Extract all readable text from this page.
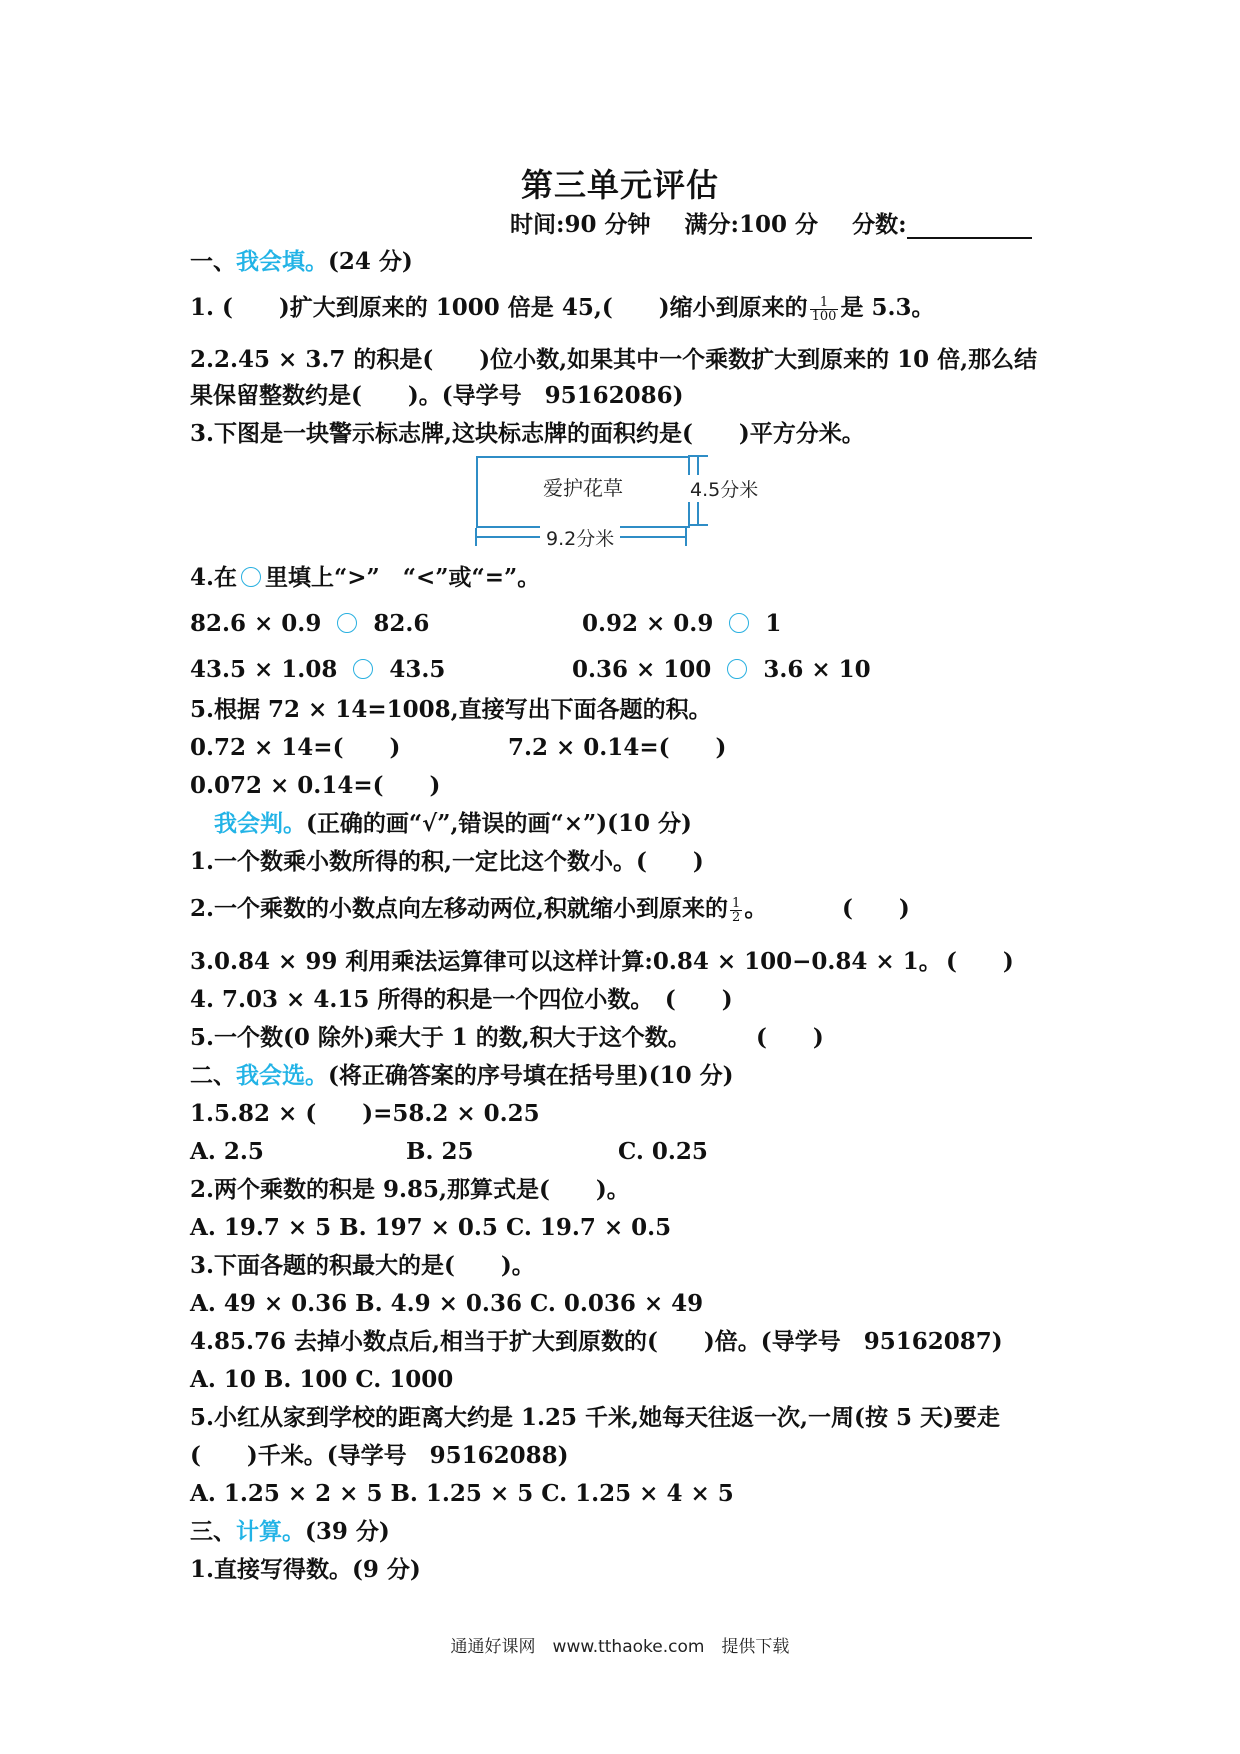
第三单元评估
时间:90 分钟 满分:100 分 分数:
一、我会填。(24 分)
1. (　　)扩大到原来的 1000 倍是 45,(　　)缩小到原来的 $\frac{1}{100}$ 是 5.3。
2.2.45 × 3.7 的积是(　　)位小数,如果其中一个乘数扩大到原来的 10 倍,那么结
果保留整数约是(　　)。(导学号　95162086)
3.下图是一块警示标志牌,这块标志牌的面积约是(　　)平方分米。
爱护花草	4.5分米
9.2分米
4.在 里填上“>”　“<”或“=”。
82.6 × 0.9 82.6	0.92 × 0.9 1
43.5 × 1.08 43.5	0.36 × 100 3.6 × 10
5.根据 72 × 14=1008,直接写出下面各题的积。
0.72 × 14=(　　)	7.2 × 0.14=(　　)
0.072 × 0.14=(　　)
我会判。(正确的画“√”,错误的画“×”)(10 分)
1.一个数乘小数所得的积,一定比这个数小。(　　)
2.一个乘数的小数点向左移动两位,积就缩小到原来的 $\frac{1}{2}$ 。	(　　)
3.0.84 × 99 利用乘法运算律可以这样计算:0.84 × 100−0.84 × 1。 (　　)
4. 7.03 × 4.15 所得的积是一个四位小数。　(　　)
5.一个数(0 除外)乘大于 1 的数,积大于这个数。	(　　)
二、我会选。(将正确答案的序号填在括号里)(10 分)
1.5.82 × (　　)=58.2 × 0.25
A. 2.5	B. 25	C. 0.25
2.两个乘数的积是 9.85,那算式是(　　)。
A. 19.7 × 5 B. 197 × 0.5 C. 19.7 × 0.5
3.下面各题的积最大的是(　　)。
A. 49 × 0.36 B. 4.9 × 0.36 C. 0.036 × 49
4.85.76 去掉小数点后,相当于扩大到原数的(　　)倍。(导学号　95162087)
A. 10 B. 100 C. 1000
5.小红从家到学校的距离大约是 1.25 千米,她每天往返一次,一周(按 5 天)要走
(　　)千米。(导学号　95162088)
A. 1.25 × 2 × 5 B. 1.25 × 5 C. 1.25 × 4 × 5
三、计算。(39 分)
1.直接写得数。(9 分)
通通好课网　www.tthaoke.com　提供下载
